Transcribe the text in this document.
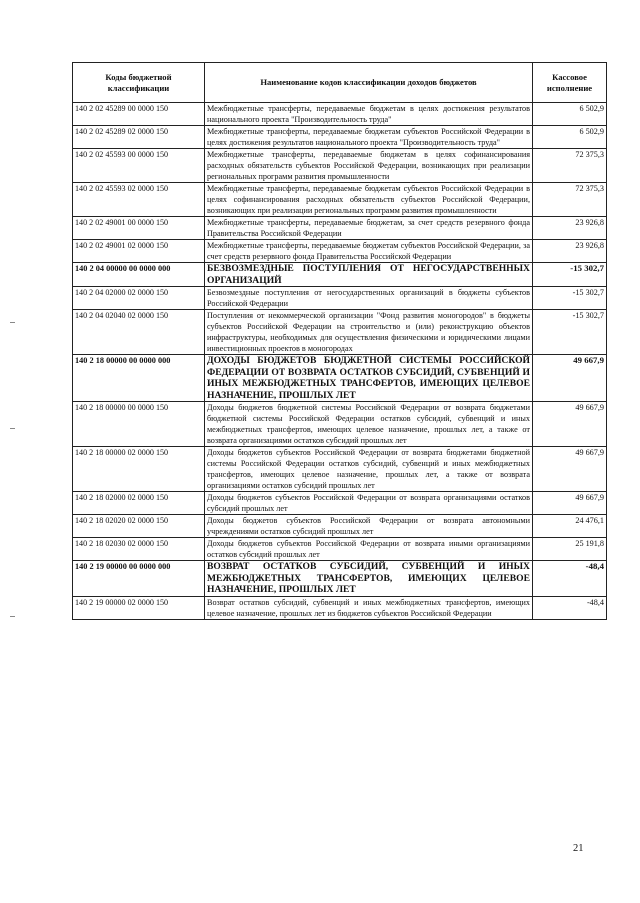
Коды бюджетной классификации	Наименование кодов классификации доходов бюджетов	Кассовое исполнение
140 2 02 45289 00 0000 150	Межбюджетные трансферты, передаваемые бюджетам в целях достижения результатов национального проекта "Производительность труда"	6 502,9
140 2 02 45289 02 0000 150	Межбюджетные трансферты, передаваемые бюджетам субъектов Российской Федерации в целях достижения результатов национального проекта "Производительность труда"	6 502,9
140 2 02 45593 00 0000 150	Межбюджетные трансферты, передаваемые бюджетам в целях софинансирования расходных обязательств субъектов Российской Федерации, возникающих при реализации региональных программ развития промышленности	72 375,3
140 2 02 45593 02 0000 150	Межбюджетные трансферты, передаваемые бюджетам субъектов Российской Федерации в целях софинансирования расходных обязательств субъектов Российской Федерации, возникающих при реализации региональных программ развития промышленности	72 375,3
140 2 02 49001 00 0000 150	Межбюджетные трансферты, передаваемые бюджетам, за счет средств резервного фонда Правительства Российской Федерации	23 926,8
140 2 02 49001 02 0000 150	Межбюджетные трансферты, передаваемые бюджетам субъектов Российской Федерации, за счет средств резервного фонда Правительства Российской Федерации	23 926,8
140 2 04 00000 00 0000 000	БЕЗВОЗМЕЗДНЫЕ ПОСТУПЛЕНИЯ ОТ НЕГОСУДАРСТВЕННЫХ ОРГАНИЗАЦИЙ	-15 302,7
140 2 04 02000 02 0000 150	Безвозмездные поступления от негосударственных организаций в бюджеты субъектов Российской Федерации	-15 302,7
140 2 04 02040 02 0000 150	Поступления от некоммерческой организации "Фонд развития моногородов" в бюджеты субъектов Российской Федерации на строительство и (или) реконструкцию объектов инфраструктуры, необходимых для осуществления физическими и юридическими лицами инвестиционных проектов в моногородах	-15 302,7
140 2 18 00000 00 0000 000	ДОХОДЫ БЮДЖЕТОВ БЮДЖЕТНОЙ СИСТЕМЫ РОССИЙСКОЙ ФЕДЕРАЦИИ ОТ ВОЗВРАТА ОСТАТКОВ СУБСИДИЙ, СУБВЕНЦИЙ И ИНЫХ МЕЖБЮДЖЕТНЫХ ТРАНСФЕРТОВ, ИМЕЮЩИХ ЦЕЛЕВОЕ НАЗНАЧЕНИЕ, ПРОШЛЫХ ЛЕТ	49 667,9
140 2 18 00000 00 0000 150	Доходы бюджетов бюджетной системы Российской Федерации от возврата бюджетами бюджетной системы Российской Федерации остатков субсидий, субвенций и иных межбюджетных трансфертов, имеющих целевое назначение, прошлых лет, а также от возврата организациями остатков субсидий прошлых лет	49 667,9
140 2 18 00000 02 0000 150	Доходы бюджетов субъектов Российской Федерации от возврата бюджетами бюджетной системы Российской Федерации остатков субсидий, субвенций и иных межбюджетных трансфертов, имеющих целевое назначение, прошлых лет, а также от возврата организациями остатков субсидий прошлых лет	49 667,9
140 2 18 02000 02 0000 150	Доходы бюджетов субъектов Российской Федерации от возврата организациями остатков субсидий прошлых лет	49 667,9
140 2 18 02020 02 0000 150	Доходы бюджетов субъектов Российской Федерации от возврата автономными учреждениями остатков субсидий прошлых лет	24 476,1
140 2 18 02030 02 0000 150	Доходы бюджетов субъектов Российской Федерации от возврата иными организациями остатков субсидий прошлых лет	25 191,8
140 2 19 00000 00 0000 000	ВОЗВРАТ ОСТАТКОВ СУБСИДИЙ, СУБВЕНЦИЙ И ИНЫХ МЕЖБЮДЖЕТНЫХ ТРАНСФЕРТОВ, ИМЕЮЩИХ ЦЕЛЕВОЕ НАЗНАЧЕНИЕ, ПРОШЛЫХ ЛЕТ	-48,4
140 2 19 00000 02 0000 150	Возврат остатков субсидий, субвенций и иных межбюджетных трансфертов, имеющих целевое назначение, прошлых лет из бюджетов субъектов Российской Федерации	-48,4
21
